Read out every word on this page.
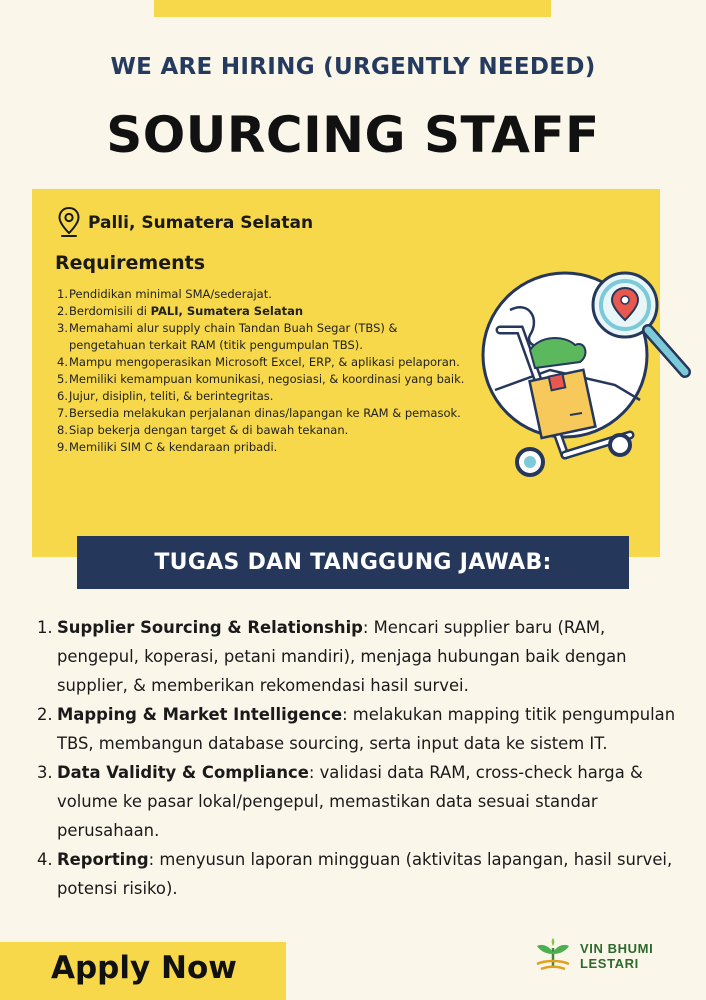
WE ARE HIRING (URGENTLY NEEDED)
SOURCING STAFF
Palli, Sumatera Selatan
Requirements
1. Pendidikan minimal SMA/sederajat.
2. Berdomisili di PALI, Sumatera Selatan
3. Memahami alur supply chain Tandan Buah Segar (TBS) & pengetahuan terkait RAM (titik pengumpulan TBS).
4. Mampu mengoperasikan Microsoft Excel, ERP, & aplikasi pelaporan.
5. Memiliki kemampuan komunikasi, negosiasi, & koordinasi yang baik.
6. Jujur, disiplin, teliti, & berintegritas.
7. Bersedia melakukan perjalanan dinas/lapangan ke RAM & pemasok.
8. Siap bekerja dengan target & di bawah tekanan.
9. Memiliki SIM C & kendaraan pribadi.
TUGAS DAN TANGGUNG JAWAB:
1. Supplier Sourcing & Relationship: Mencari supplier baru (RAM, pengepul, koperasi, petani mandiri), menjaga hubungan baik dengan supplier, & memberikan rekomendasi hasil survei.
2. Mapping & Market Intelligence: melakukan mapping titik pengumpulan TBS, membangun database sourcing, serta input data ke sistem IT.
3. Data Validity & Compliance: validasi data RAM, cross-check harga & volume ke pasar lokal/pengepul, memastikan data sesuai standar perusahaan.
4. Reporting: menyusun laporan mingguan (aktivitas lapangan, hasil survei, potensi risiko).
Apply Now
VIN BHUMI
LESTARI
